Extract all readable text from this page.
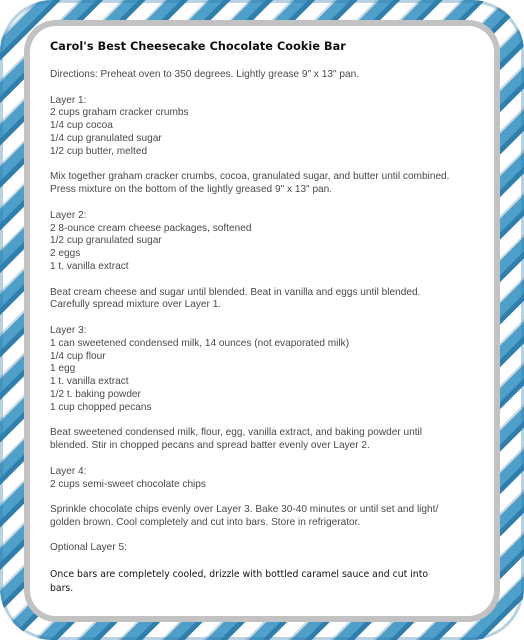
Carol's Best Cheesecake Chocolate Cookie Bar
Directions: Preheat oven to 350 degrees. Lightly grease 9" x 13" pan.
Layer 1:
2 cups graham cracker crumbs
1/4 cup cocoa
1/4 cup granulated sugar
1/2 cup butter, melted
Mix together graham cracker crumbs, cocoa, granulated sugar, and butter until combined.
Press mixture on the bottom of the lightly greased 9" x 13" pan.
Layer 2:
2 8-ounce cream cheese packages, softened
1/2 cup granulated sugar
2 eggs
1 t. vanilla extract
Beat cream cheese and sugar until blended. Beat in vanilla and eggs until blended.
Carefully spread mixture over Layer 1.
Layer 3:
1 can sweetened condensed milk, 14 ounces (not evaporated milk)
1/4 cup flour
1 egg
1 t. vanilla extract
1/2 t. baking powder
1 cup chopped pecans
Beat sweetened condensed milk, flour, egg, vanilla extract, and baking powder until
blended. Stir in chopped pecans and spread batter evenly over Layer 2.
Layer 4:
2 cups semi-sweet chocolate chips
Sprinkle chocolate chips evenly over Layer 3. Bake 30-40 minutes or until set and light/
golden brown. Cool completely and cut into bars. Store in refrigerator.
Optional Layer 5:
Once bars are completely cooled, drizzle with bottled caramel sauce and cut into
bars.
